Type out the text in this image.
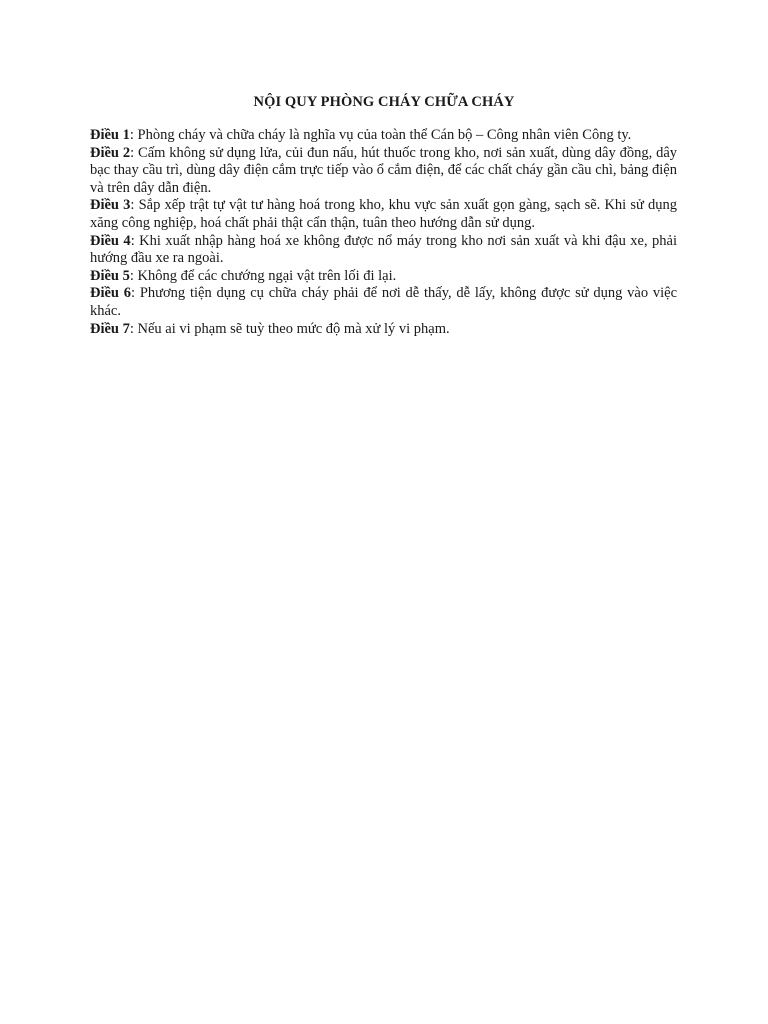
NỘI QUY PHÒNG CHÁY CHỮA CHÁY

Điều 1: Phòng cháy và chữa cháy là nghĩa vụ của toàn thể Cán bộ – Công nhân viên Công ty.

Điều 2: Cấm không sử dụng lửa, củi đun nấu, hút thuốc trong kho, nơi sản xuất, dùng dây đồng, dây bạc thay cầu trì, dùng dây điện cắm trực tiếp vào ổ cắm điện, để các chất cháy gần cầu chì, bảng điện và trên dây dẫn điện.

Điều 3: Sắp xếp trật tự vật tư hàng hoá trong kho, khu vực sản xuất gọn gàng, sạch sẽ. Khi sử dụng xăng công nghiệp, hoá chất phải thật cẩn thận, tuân theo hướng dẫn sử dụng.

Điều 4: Khi xuất nhập hàng hoá xe không được nổ máy trong kho nơi sản xuất và khi đậu xe, phải hướng đầu xe ra ngoài.

Điều 5: Không để các chướng ngại vật trên lối đi lại.

Điều 6: Phương tiện dụng cụ chữa cháy phải để nơi dễ thấy, dễ lấy, không được sử dụng vào việc khác.

Điều 7: Nếu ai vi phạm sẽ tuỳ theo mức độ mà xử lý vi phạm.
